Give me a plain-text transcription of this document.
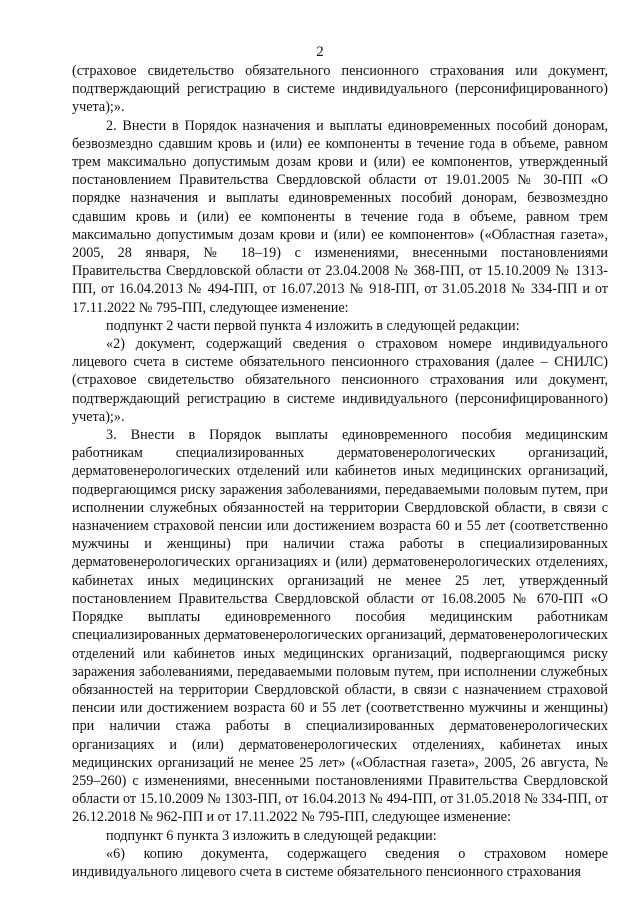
2

(страховое свидетельство обязательного пенсионного страхования или документ, подтверждающий регистрацию в системе индивидуального (персонифицированного) учета);».

2. Внести в Порядок назначения и выплаты единовременных пособий донорам, безвозмездно сдавшим кровь и (или) ее компоненты в течение года в объеме, равном трем максимально допустимым дозам крови и (или) ее компонентов, утвержденный постановлением Правительства Свердловской области от 19.01.2005 № 30-ПП «О порядке назначения и выплаты единовременных пособий донорам, безвозмездно сдавшим кровь и (или) ее компоненты в течение года в объеме, равном трем максимально допустимым дозам крови и (или) ее компонентов» («Областная газета», 2005, 28 января, № 18–19) с изменениями, внесенными постановлениями Правительства Свердловской области от 23.04.2008 № 368-ПП, от 15.10.2009 № 1313-ПП, от 16.04.2013 № 494-ПП, от 16.07.2013 № 918-ПП, от 31.05.2018 № 334-ПП и от 17.11.2022 № 795-ПП, следующее изменение:

подпункт 2 части первой пункта 4 изложить в следующей редакции:

«2) документ, содержащий сведения о страховом номере индивидуального лицевого счета в системе обязательного пенсионного страхования (далее – СНИЛС) (страховое свидетельство обязательного пенсионного страхования или документ, подтверждающий регистрацию в системе индивидуального (персонифицированного) учета);».

3. Внести в Порядок выплаты единовременного пособия медицинским работникам специализированных дерматовенерологических организаций, дерматовенерологических отделений или кабинетов иных медицинских организаций, подвергающимся риску заражения заболеваниями, передаваемыми половым путем, при исполнении служебных обязанностей на территории Свердловской области, в связи с назначением страховой пенсии или достижением возраста 60 и 55 лет (соответственно мужчины и женщины) при наличии стажа работы в специализированных дерматовенерологических организациях и (или) дерматовенерологических отделениях, кабинетах иных медицинских организаций не менее 25 лет, утвержденный постановлением Правительства Свердловской области от 16.08.2005 № 670-ПП «О Порядке выплаты единовременного пособия медицинским работникам специализированных дерматовенерологических организаций, дерматовенерологических отделений или кабинетов иных медицинских организаций, подвергающимся риску заражения заболеваниями, передаваемыми половым путем, при исполнении служебных обязанностей на территории Свердловской области, в связи с назначением страховой пенсии или достижением возраста 60 и 55 лет (соответственно мужчины и женщины) при наличии стажа работы в специализированных дерматовенерологических организациях и (или) дерматовенерологических отделениях, кабинетах иных медицинских организаций не менее 25 лет» («Областная газета», 2005, 26 августа, № 259–260) с изменениями, внесенными постановлениями Правительства Свердловской области от 15.10.2009 № 1303-ПП, от 16.04.2013 № 494-ПП, от 31.05.2018 № 334-ПП, от 26.12.2018 № 962-ПП и от 17.11.2022 № 795-ПП, следующее изменение:

подпункт 6 пункта 3 изложить в следующей редакции:

«6) копию документа, содержащего сведения о страховом номере индивидуального лицевого счета в системе обязательного пенсионного страхования
